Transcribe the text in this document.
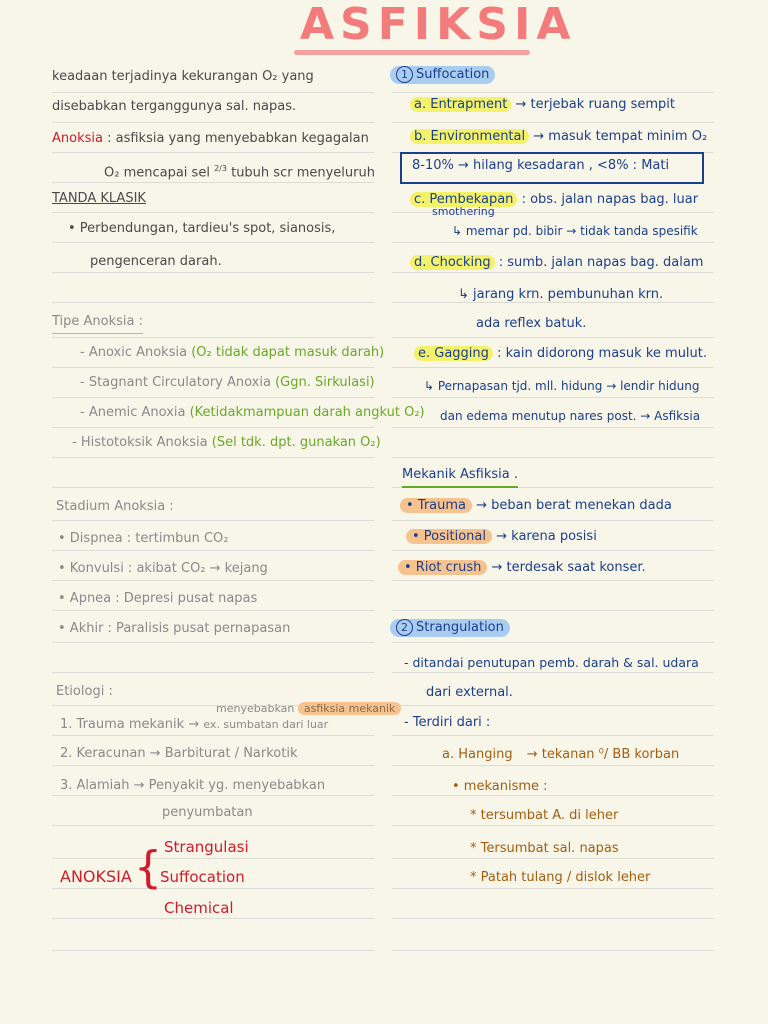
ASFIKSIA
keadaan terjadinya kekurangan O₂ yang
disebabkan terganggunya sal. napas.
Anoksia : asfiksia yang menyebabkan kegagalan
O₂ mencapai sel $^{2/3}$ tubuh scr menyeluruh
TANDA KLASIK
• Perbendungan, tardieu's spot, sianosis,
pengenceran darah.
Tipe Anoksia :
- Anoxic Anoksia (O₂ tidak dapat masuk darah)
- Stagnant Circulatory Anoxia (Ggn. Sirkulasi)
- Anemic Anoxia (Ketidakmampuan darah angkut O₂)
- Histotoksik Anoksia (Sel tdk. dpt. gunakan O₂)
Stadium Anoksia :
• Dispnea : tertimbun CO₂
• Konvulsi : akibat CO₂ → kejang
• Apnea : Depresi pusat napas
• Akhir : Paralisis pusat pernapasan
Etiologi :
menyebabkan asfiksia mekanik
1. Trauma mekanik → ex. sumbatan dari luar
2. Keracunan → Barbiturat / Narkotik
3. Alamiah → Penyakit yg. menyebabkan
penyumbatan
ANOKSIA { Strangulasi
Suffocation
Chemical
1 Suffocation
a. Entrapment → terjebak ruang sempit
b. Environmental → masuk tempat minim O₂
8-10% → hilang kesadaran , <8% : Mati
c. Pembekapan : obs. jalan napas bag. luar
smothering
↳ memar pd. bibir → tidak tanda spesifik
d. Chocking : sumb. jalan napas bag. dalam
↳ jarang krn. pembunuhan krn.
ada reflex batuk.
e. Gagging : kain didorong masuk ke mulut.
↳ Pernapasan tjd. mll. hidung → lendir hidung
dan edema menutup nares post. → Asfiksia
Mekanik Asfiksia .
• Trauma → beban berat menekan dada
• Positional → karena posisi
• Riot crush → terdesak saat konser.
2 Strangulation
- ditandai penutupan pemb. darah & sal. udara
dari external.
- Terdiri dari :
a. Hanging → tekanan ⁰/ BB korban
• mekanisme :
* tersumbat A. di leher
* Tersumbat sal. napas
* Patah tulang / dislok leher
